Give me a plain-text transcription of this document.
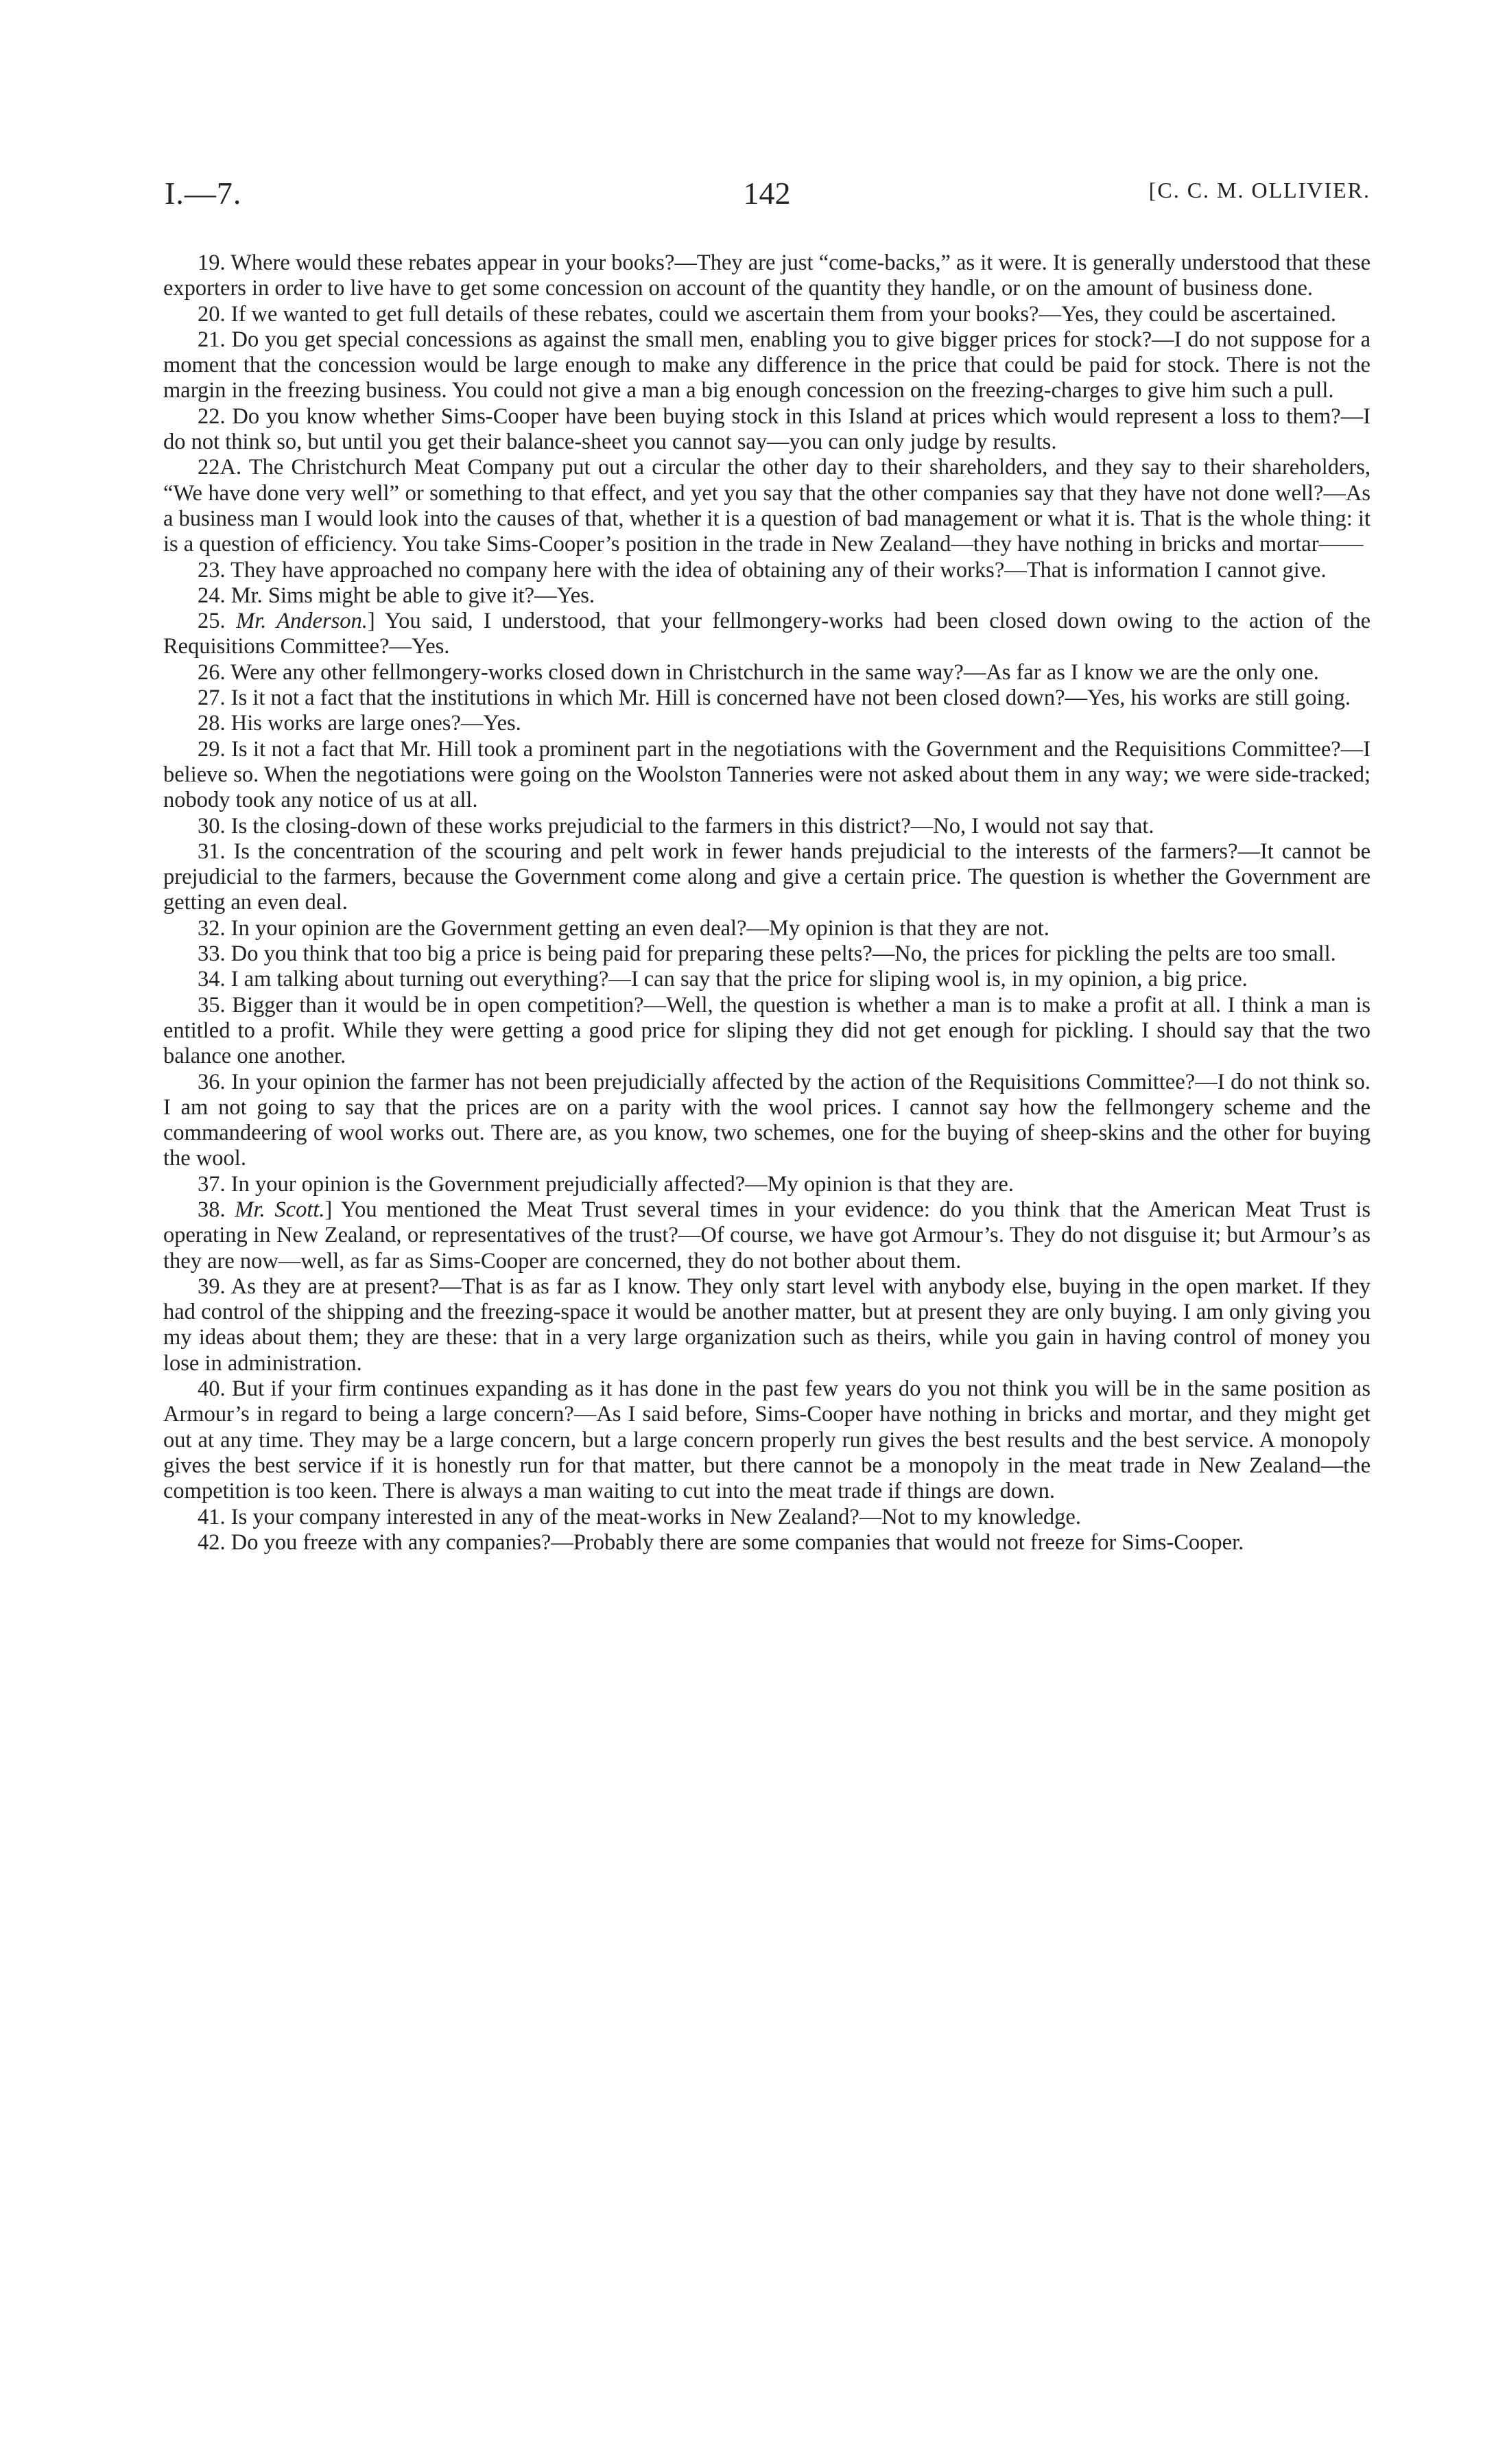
I.—7.	142	[C. C. M. OLLIVIER.

19. Where would these rebates appear in your books?—They are just “come-backs,” as it were. It is generally understood that these exporters in order to live have to get some concession on account of the quantity they handle, or on the amount of business done.

20. If we wanted to get full details of these rebates, could we ascertain them from your books?—Yes, they could be ascertained.

21. Do you get special concessions as against the small men, enabling you to give bigger prices for stock?—I do not suppose for a moment that the concession would be large enough to make any difference in the price that could be paid for stock. There is not the margin in the freezing business. You could not give a man a big enough concession on the freezing-charges to give him such a pull.

22. Do you know whether Sims-Cooper have been buying stock in this Island at prices which would represent a loss to them?—I do not think so, but until you get their balance-sheet you cannot say—you can only judge by results.

22A. The Christchurch Meat Company put out a circular the other day to their shareholders, and they say to their shareholders, “We have done very well” or something to that effect, and yet you say that the other companies say that they have not done well?—As a business man I would look into the causes of that, whether it is a question of bad management or what it is. That is the whole thing: it is a question of efficiency. You take Sims-Cooper’s position in the trade in New Zealand—they have nothing in bricks and mortar——

23. They have approached no company here with the idea of obtaining any of their works?—That is information I cannot give.

24. Mr. Sims might be able to give it?—Yes.

25. Mr. Anderson.] You said, I understood, that your fellmongery-works had been closed down owing to the action of the Requisitions Committee?—Yes.

26. Were any other fellmongery-works closed down in Christchurch in the same way?—As far as I know we are the only one.

27. Is it not a fact that the institutions in which Mr. Hill is concerned have not been closed down?—Yes, his works are still going.

28. His works are large ones?—Yes.

29. Is it not a fact that Mr. Hill took a prominent part in the negotiations with the Government and the Requisitions Committee?—I believe so. When the negotiations were going on the Woolston Tanneries were not asked about them in any way; we were side-tracked; nobody took any notice of us at all.

30. Is the closing-down of these works prejudicial to the farmers in this district?—No, I would not say that.

31. Is the concentration of the scouring and pelt work in fewer hands prejudicial to the interests of the farmers?—It cannot be prejudicial to the farmers, because the Government come along and give a certain price. The question is whether the Government are getting an even deal.

32. In your opinion are the Government getting an even deal?—My opinion is that they are not.

33. Do you think that too big a price is being paid for preparing these pelts?—No, the prices for pickling the pelts are too small.

34. I am talking about turning out everything?—I can say that the price for sliping wool is, in my opinion, a big price.

35. Bigger than it would be in open competition?—Well, the question is whether a man is to make a profit at all. I think a man is entitled to a profit. While they were getting a good price for sliping they did not get enough for pickling. I should say that the two balance one another.

36. In your opinion the farmer has not been prejudicially affected by the action of the Requisitions Committee?—I do not think so. I am not going to say that the prices are on a parity with the wool prices. I cannot say how the fellmongery scheme and the commandeering of wool works out. There are, as you know, two schemes, one for the buying of sheep-skins and the other for buying the wool.

37. In your opinion is the Government prejudicially affected?—My opinion is that they are.

38. Mr. Scott.] You mentioned the Meat Trust several times in your evidence: do you think that the American Meat Trust is operating in New Zealand, or representatives of the trust?—Of course, we have got Armour’s. They do not disguise it; but Armour’s as they are now—well, as far as Sims-Cooper are concerned, they do not bother about them.

39. As they are at present?—That is as far as I know. They only start level with anybody else, buying in the open market. If they had control of the shipping and the freezing-space it would be another matter, but at present they are only buying. I am only giving you my ideas about them; they are these: that in a very large organization such as theirs, while you gain in having control of money you lose in administration.

40. But if your firm continues expanding as it has done in the past few years do you not think you will be in the same position as Armour’s in regard to being a large concern?—As I said before, Sims-Cooper have nothing in bricks and mortar, and they might get out at any time. They may be a large concern, but a large concern properly run gives the best results and the best service. A monopoly gives the best service if it is honestly run for that matter, but there cannot be a monopoly in the meat trade in New Zealand—the competition is too keen. There is always a man waiting to cut into the meat trade if things are down.

41. Is your company interested in any of the meat-works in New Zealand?—Not to my knowledge.

42. Do you freeze with any companies?—Probably there are some companies that would not freeze for Sims-Cooper.
